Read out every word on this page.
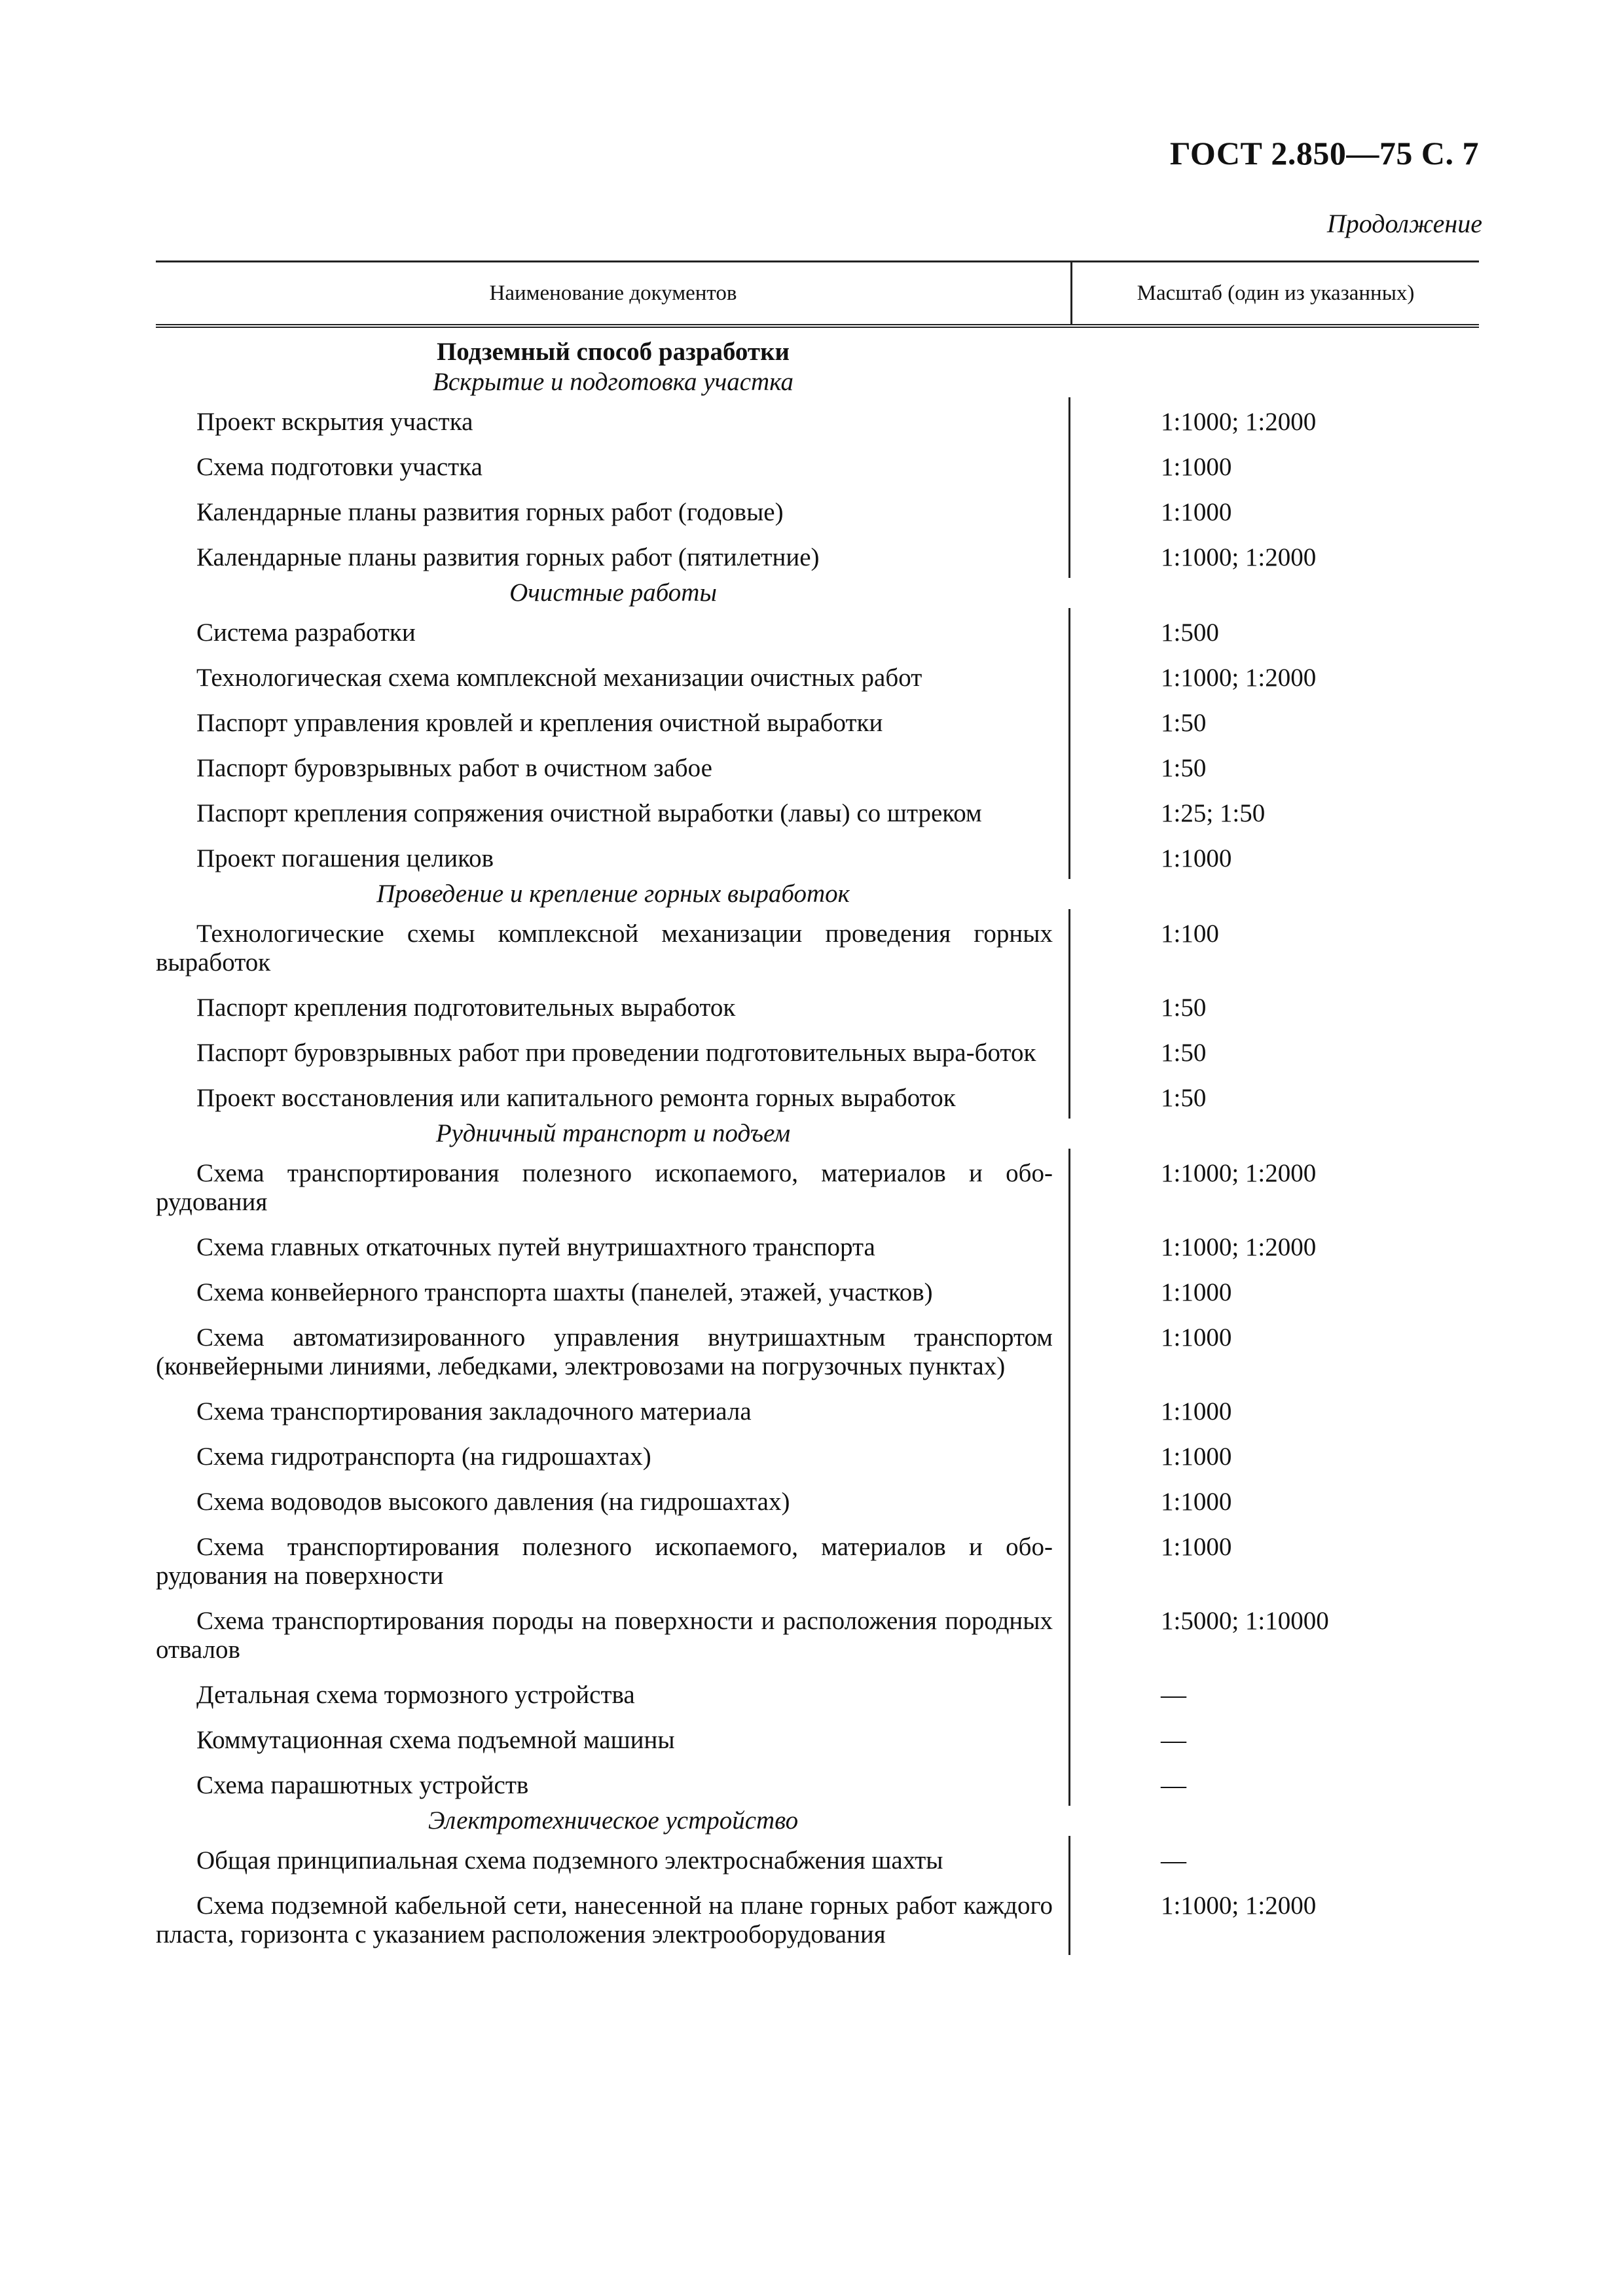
ГОСТ 2.850—75 С. 7
Продолжение
Наименование документов	Масштаб (один из указанных)
Подземный способ разработки
Вскрытие и подготовка участка
Проект вскрытия участка	1:1000; 1:2000
Схема подготовки участка	1:1000
Календарные планы развития горных работ (годовые)	1:1000
Календарные планы развития горных работ (пятилетние)	1:1000; 1:2000
Очистные работы
Система разработки	1:500
Технологическая схема комплексной механизации очистных работ	1:1000; 1:2000
Паспорт управления кровлей и крепления очистной выработки	1:50
Паспорт буровзрывных работ в очистном забое	1:50
Паспорт крепления сопряжения очистной выработки (лавы) со штреком	1:25; 1:50
Проект погашения целиков	1:1000
Проведение и крепление горных выработок
Технологические схемы комплексной механизации проведения горных выработок
1:100
Паспорт крепления подготовительных выработок	1:50
Паспорт буровзрывных работ при проведении подготовительных выра-боток	1:50
Проект восстановления или капитального ремонта горных выработок	1:50
Рудничный транспорт и подъем
Схема транспортирования полезного ископаемого, материалов и обо-рудования
1:1000; 1:2000
Схема главных откаточных путей внутришахтного транспорта	1:1000; 1:2000
Схема конвейерного транспорта шахты (панелей, этажей, участков)	1:1000
Схема автоматизированного управления внутришахтным транспортом (конвейерными линиями, лебедками, электровозами на погрузочных пунктах)
1:1000
Схема транспортирования закладочного материала	1:1000
Схема гидротранспорта (на гидрошахтах)	1:1000
Схема водоводов высокого давления (на гидрошахтах)	1:1000
Схема транспортирования полезного ископаемого, материалов и обо-рудования на поверхности
1:1000
Схема транспортирования породы на поверхности и расположения породных отвалов
1:5000; 1:10000
Детальная схема тормозного устройства	—
Коммутационная схема подъемной машины	—
Схема парашютных устройств	—
Электротехническое устройство
Общая принципиальная схема подземного электроснабжения шахты	—
Схема подземной кабельной сети, нанесенной на плане горных работ каждого пласта, горизонта с указанием расположения электрооборудования
1:1000; 1:2000
